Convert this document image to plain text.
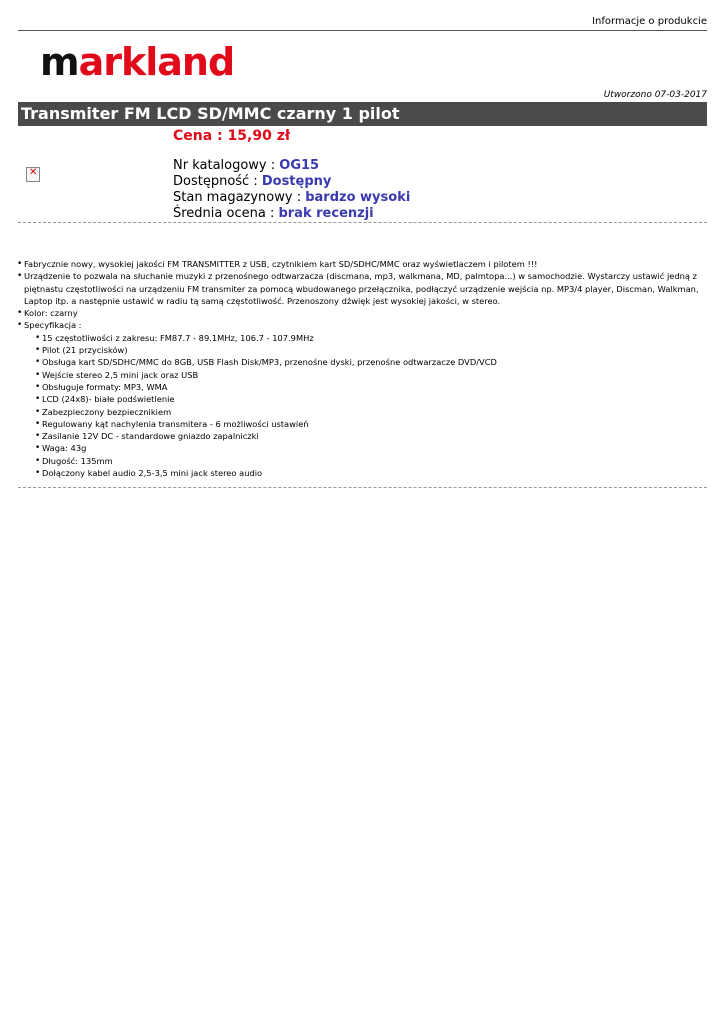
Informacje o produkcie
markland
Utworzono 07-03-2017
Transmiter FM LCD SD/MMC czarny 1 pilot
Cena : 15,90 zł
✕	Nr katalogowy : OG15
Dostępność : Dostępny
Stan magazynowy : bardzo wysoki
Średnia ocena : brak recenzji
• Fabrycznie nowy, wysokiej jakości FM TRANSMITTER z USB, czytnikiem kart SD/SDHC/MMC oraz wyświetlaczem i pilotem !!!
• Urządzenie to pozwala na słuchanie muzyki z przenośnego odtwarzacza (discmana, mp3, walkmana, MD, palmtopa...) w samochodzie. Wystarczy ustawić jedną z piętnastu częstotliwości na urządzeniu FM transmiter za pomocą wbudowanego przełącznika, podłączyć urządzenie wejścia np. MP3/4 player, Discman, Walkman, Laptop itp. a następnie ustawić w radiu tą samą częstotliwość. Przenoszony dźwięk jest wysokiej jakości, w stereo.
• Kolor: czarny
• Specyfikacja :
• 15 częstotliwości z zakresu: FM87.7 - 89.1MHz, 106.7 - 107.9MHz
• Pilot (21 przycisków)
• Obsługa kart SD/SDHC/MMC do 8GB, USB Flash Disk/MP3, przenośne dyski, przenośne odtwarzacze DVD/VCD
• Wejście stereo 2,5 mini jack oraz USB
• Obsługuje formaty: MP3, WMA
• LCD (24x8)- białe podświetlenie
• Zabezpieczony bezpiecznikiem
• Regulowany kąt nachylenia transmitera - 6 możliwości ustawień
• Zasilanie 12V DC - standardowe gniazdo zapalniczki
• Waga: 43g
• Długość: 135mm
• Dołączony kabel audio 2,5-3,5 mini jack stereo audio
